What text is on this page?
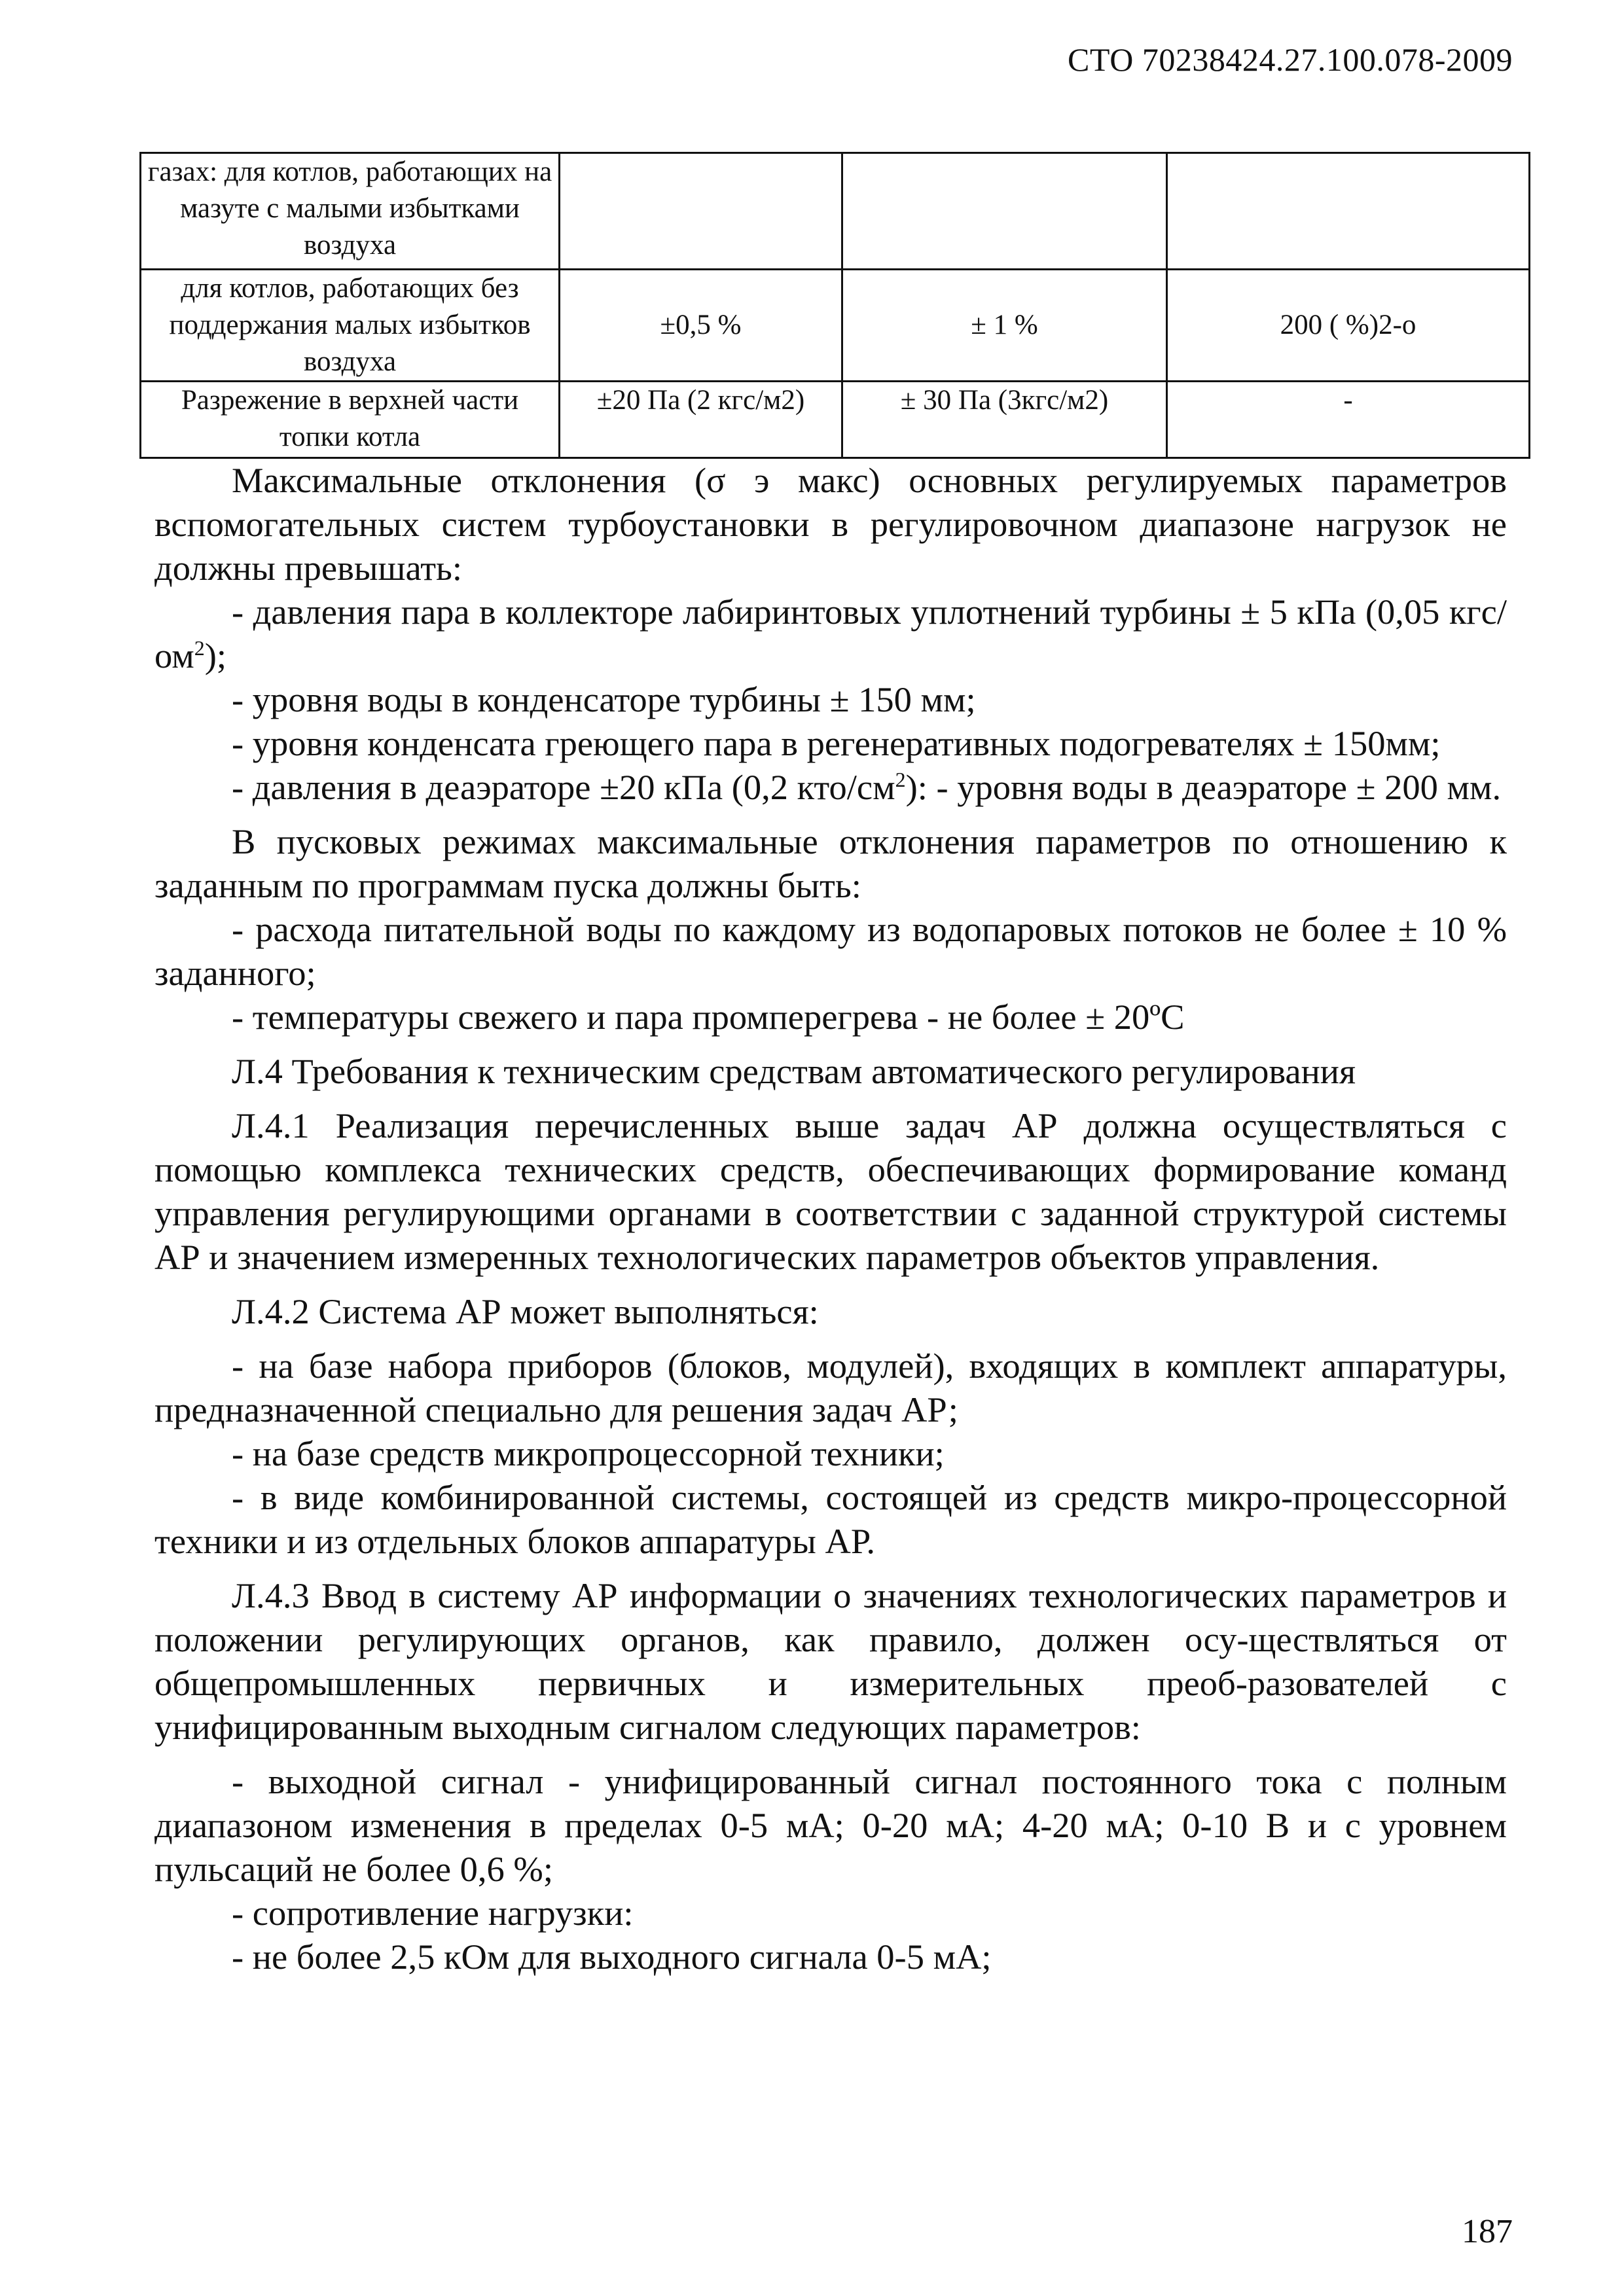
СТО 70238424.27.100.078-2009
газах: для котлов, работающих на мазуте с малыми избытками воздуха			
для котлов, работающих без поддержания малых избытков воздуха	±0,5 %	± 1 %	200 ( %)2-о
Разрежение в верхней части топки котла	±20 Па (2 кгс/м2)	± 30 Па (3кгс/м2)	-

Максимальные отклонения (σ э макс) основных регулируемых параметров вспомогательных систем турбоустановки в регулировочном диапазоне нагрузок не должны превышать:

- давления пара в коллекторе лабиринтовых уплотнений турбины ± 5 кПа (0,05 кгс/$ом^2$);

- уровня воды в конденсаторе турбины ± 150 мм;

- уровня конденсата греющего пара в регенеративных подогревателях ± 150мм;

- давления в деаэраторе ±20 кПа (0,2 кто/$см^2$): - уровня воды в деаэраторе ± 200 мм.

В пусковых режимах максимальные отклонения параметров по отношению к заданным по программам пуска должны быть:

- расхода питательной воды по каждому из водопаровых потоков не более ± 10 % заданного;

- температуры свежего и пара промперегрева - не более ± 20ºС

Л.4 Требования к техническим средствам автоматического регулирования

Л.4.1 Реализация перечисленных выше задач АР должна осуществляться с помощью комплекса технических средств, обеспечивающих формирование команд управления регулирующими органами в соответствии с заданной структурой системы АР и значением измеренных технологических параметров объектов управления.

Л.4.2 Система АР может выполняться:

- на базе набора приборов (блоков, модулей), входящих в комплект аппаратуры, предназначенной специально для решения задач АР;

- на базе средств микропроцессорной техники;

- в виде комбинированной системы, состоящей из средств микро-процессорной техники и из отдельных блоков аппаратуры АР.

Л.4.3 Ввод в систему АР информации о значениях технологических параметров и положении регулирующих органов, как правило, должен осу-ществляться от общепромышленных первичных и измерительных преоб-разователей с унифицированным выходным сигналом следующих параметров:

- выходной сигнал - унифицированный сигнал постоянного тока с полным диапазоном изменения в пределах 0-5 мА; 0-20 мА; 4-20 мА; 0-10 В и с уровнем пульсаций не более 0,6 %;

- сопротивление нагрузки:

- не более 2,5 кОм для выходного сигнала 0-5 мА;

187
